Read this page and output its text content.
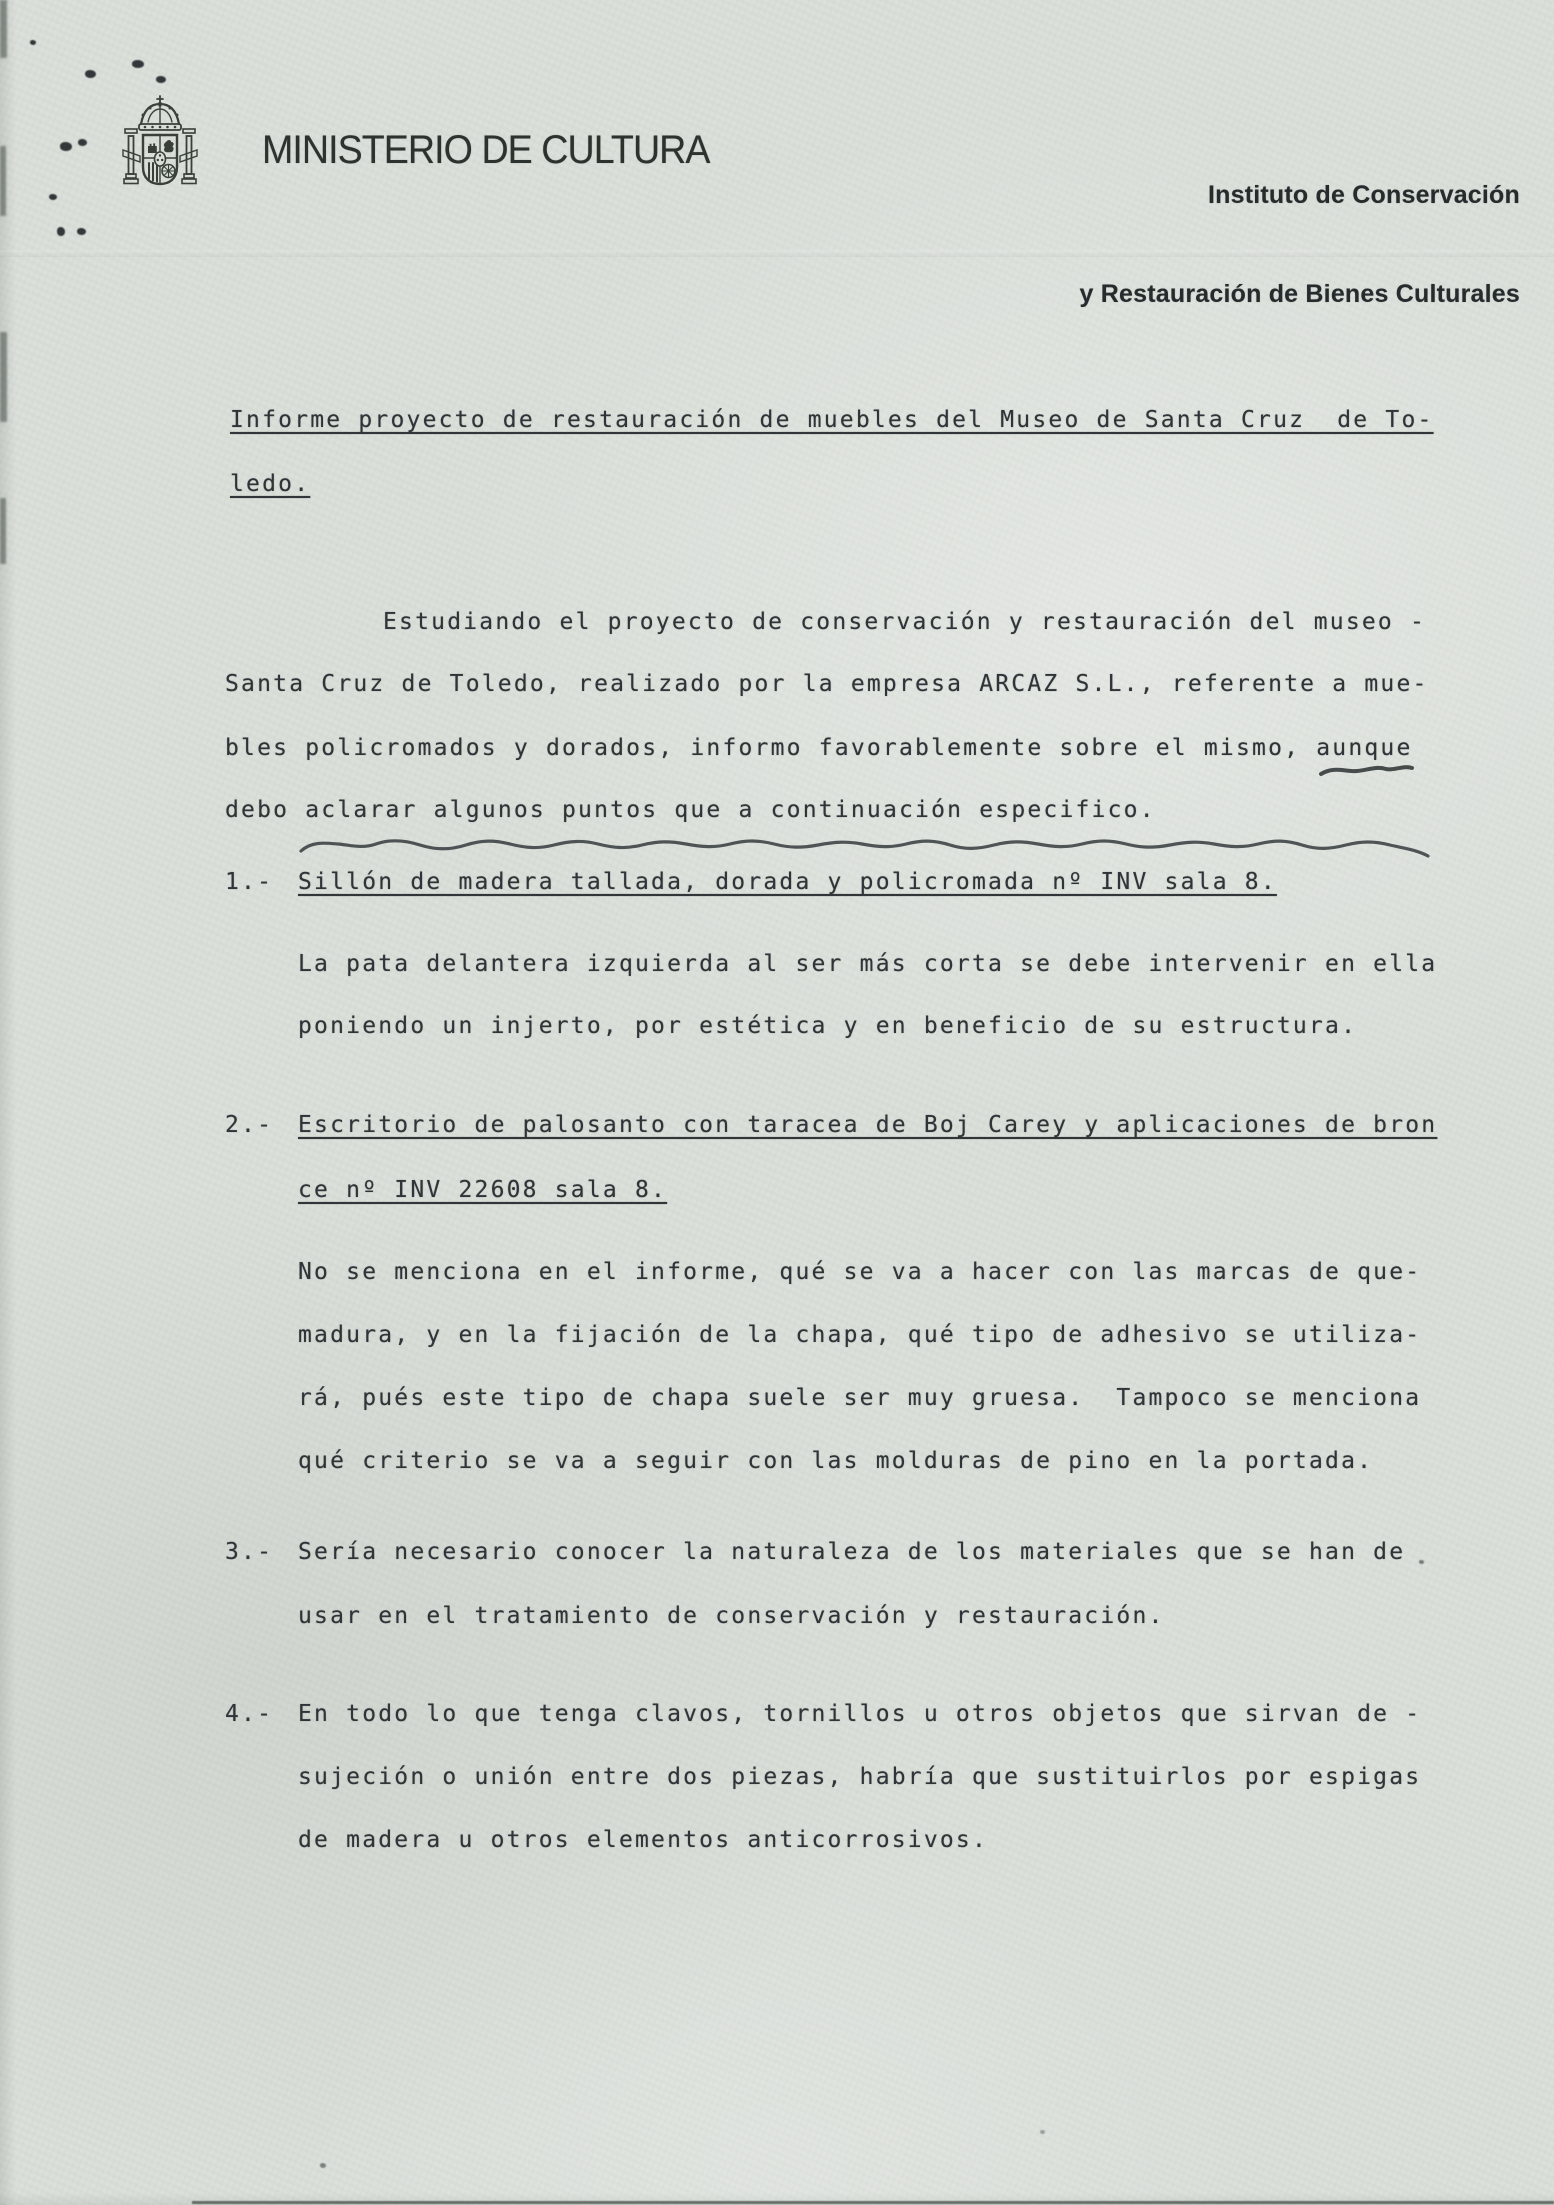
MINISTERIO DE CULTURA

Instituto de Conservación

y Restauración de Bienes Culturales

Informe proyecto de restauración de muebles del Museo de Santa Cruz  de To-
ledo.
Estudiando el proyecto de conservación y restauración del museo -
Santa Cruz de Toledo, realizado por la empresa ARCAZ S.L., referente a mue-
bles policromados y dorados, informo favorablemente sobre el mismo, aunque
debo aclarar algunos puntos que a continuación especifico.
1.- Sillón de madera tallada, dorada y policromada nº INV sala 8.
La pata delantera izquierda al ser más corta se debe intervenir en ella
poniendo un injerto, por estética y en beneficio de su estructura.
2.- Escritorio de palosanto con taracea de Boj Carey y aplicaciones de bron
ce nº INV 22608 sala 8.
No se menciona en el informe, qué se va a hacer con las marcas de que-
madura, y en la fijación de la chapa, qué tipo de adhesivo se utiliza-
rá, pués este tipo de chapa suele ser muy gruesa.  Tampoco se menciona
qué criterio se va a seguir con las molduras de pino en la portada.
3.- Sería necesario conocer la naturaleza de los materiales que se han de
usar en el tratamiento de conservación y restauración.
4.- En todo lo que tenga clavos, tornillos u otros objetos que sirvan de -
sujeción o unión entre dos piezas, habría que sustituirlos por espigas
de madera u otros elementos anticorrosivos.
